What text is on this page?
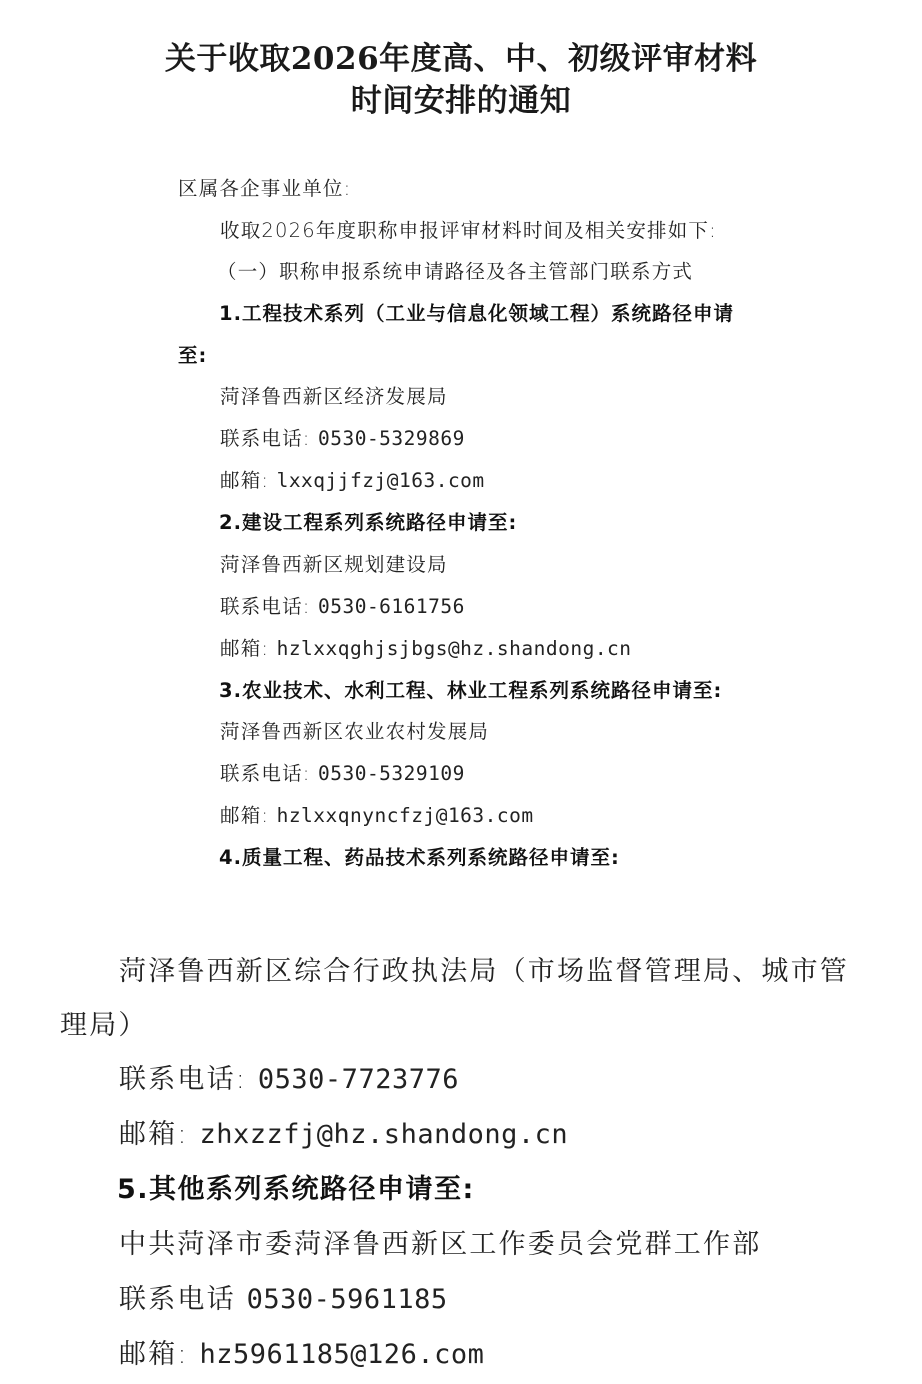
关于收取2026年度高、中、初级评审材料
时间安排的通知
区属各企事业单位:
收取2026年度职称申报评审材料时间及相关安排如下:
（一）职称申报系统申请路径及各主管部门联系方式
1.工程技术系列（工业与信息化领域工程）系统路径申请
至:
菏泽鲁西新区经济发展局
联系电话: 0530-5329869
邮箱: lxxqjjfzj@163.com
2.建设工程系列系统路径申请至:
菏泽鲁西新区规划建设局
联系电话: 0530-6161756
邮箱: hzlxxqghjsjbgs@hz.shandong.cn
3.农业技术、水利工程、林业工程系列系统路径申请至:
菏泽鲁西新区农业农村发展局
联系电话: 0530-5329109
邮箱: hzlxxqnyncfzj@163.com
4.质量工程、药品技术系列系统路径申请至:
菏泽鲁西新区综合行政执法局（市场监督管理局、城市管
理局）
联系电话: 0530-7723776
邮箱: zhxzzfj@hz.shandong.cn
5.其他系列系统路径申请至:
中共菏泽市委菏泽鲁西新区工作委员会党群工作部
联系电话 0530-5961185
邮箱: hz5961185@126.com
